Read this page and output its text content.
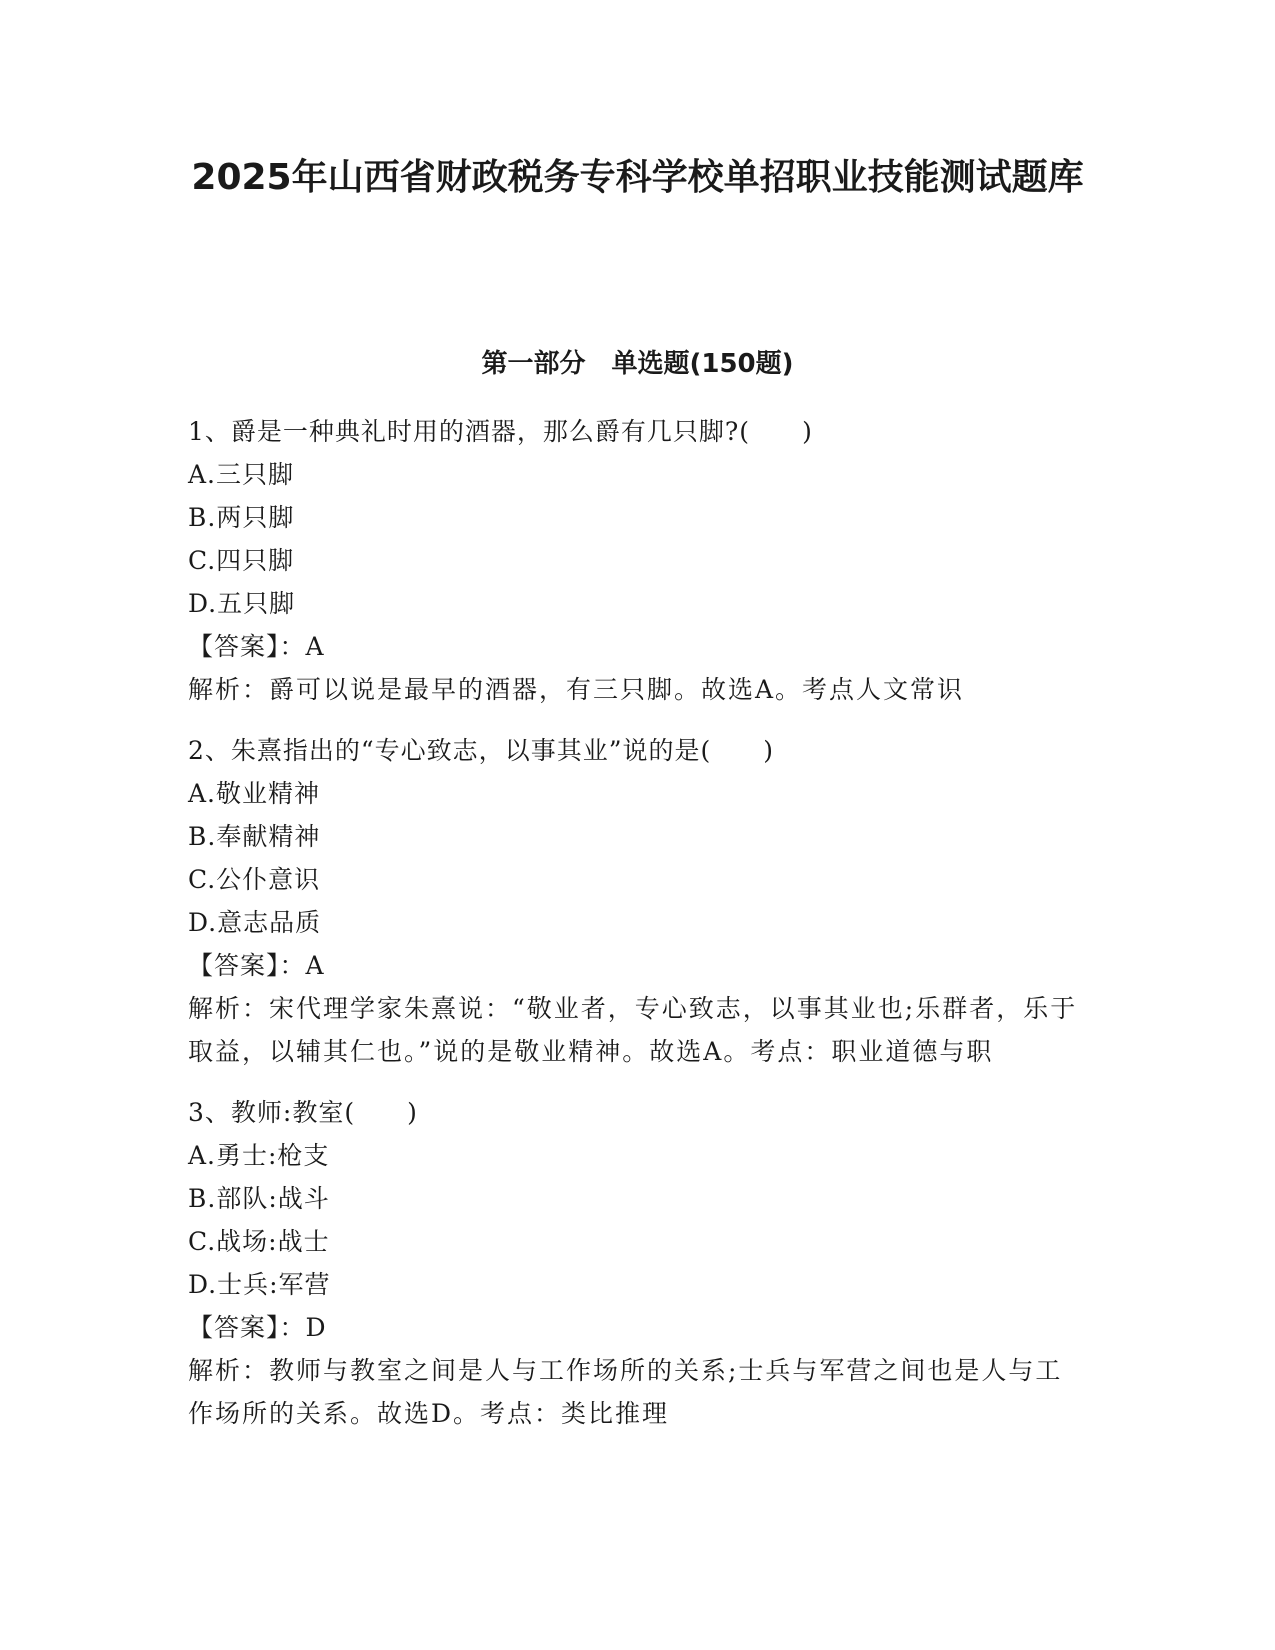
2025年山西省财政税务专科学校单招职业技能测试题库
第一部分　单选题(150题)
1、爵是一种典礼时用的酒器，那么爵有几只脚?(　　)
A.三只脚
B.两只脚
C.四只脚
D.五只脚
【答案】：A
解析：爵可以说是最早的酒器，有三只脚。故选A。考点人文常识
2、朱熹指出的“专心致志，以事其业”说的是(　　)
A.敬业精神
B.奉献精神
C.公仆意识
D.意志品质
【答案】：A
解析：宋代理学家朱熹说：“敬业者，专心致志，以事其业也;乐群者，乐于取益，以辅其仁也。”说的是敬业精神。故选A。考点：职业道德与职
3、教师:教室(　　)
A.勇士:枪支
B.部队:战斗
C.战场:战士
D.士兵:军营
【答案】：D
解析：教师与教室之间是人与工作场所的关系;士兵与军营之间也是人与工作场所的关系。故选D。考点：类比推理
